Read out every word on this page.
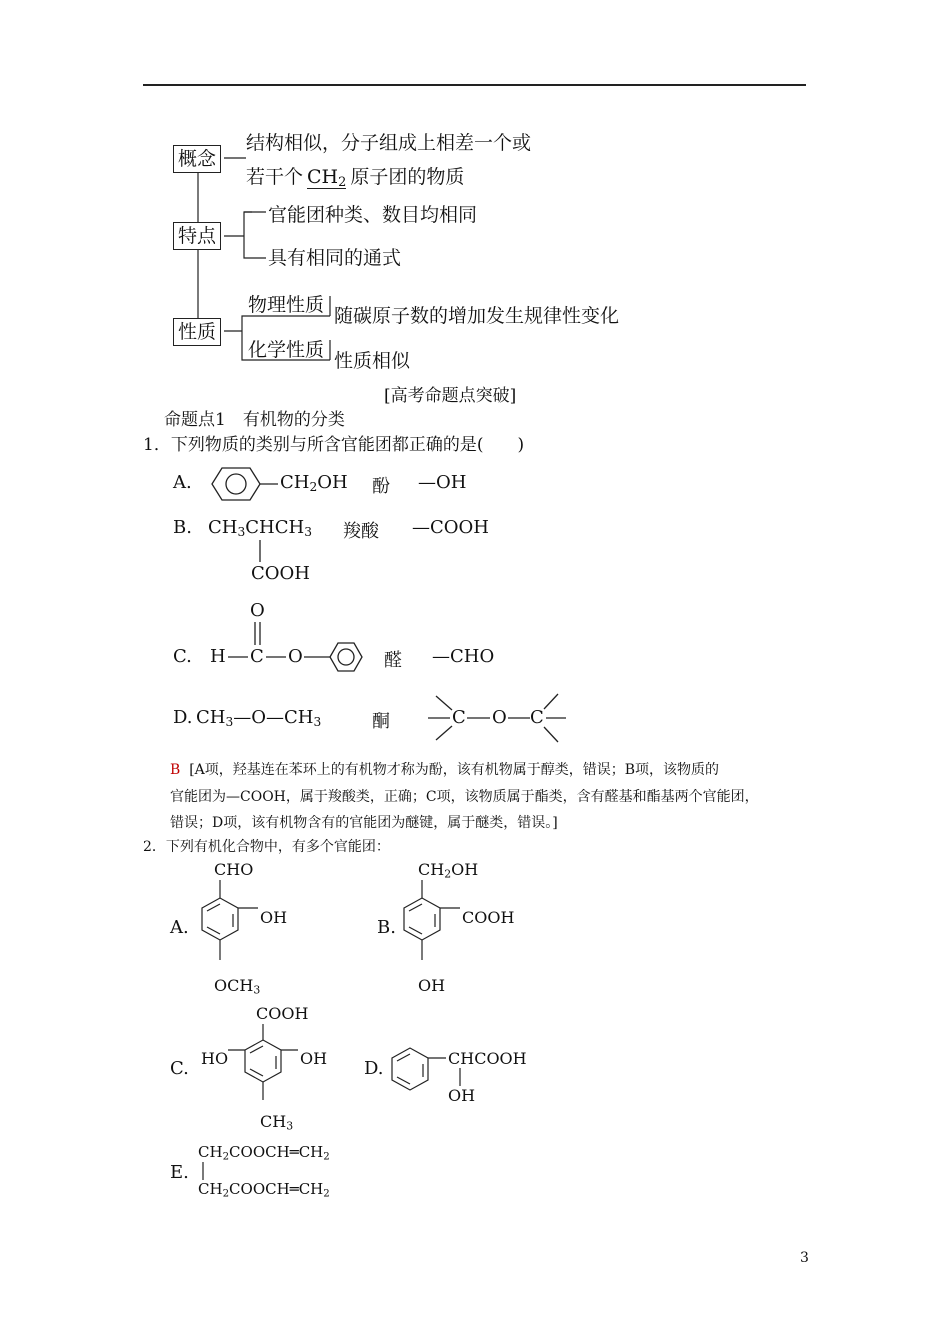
概念
特点
性质
结构相似，分子组成上相差一个或
若干个 $CH_2$ 原子团的物质
官能团种类、数目均相同
具有相同的通式
物理性质 随碳原子数的增加发生规律性变化
化学性质 性质相似
[高考命题点突破]
命题点1　有机物的分类
1．下列物质的类别与所含官能团都正确的是(　　)
A.	$CH_2OH$ 酚 —OH
B. $CH_3CHCH_3$
COOH
羧酸 —COOH
C. H C
O
O	醛 —CHO
D. $CH_3—O—CH_3$	酮	C O C
B [A项，羟基连在苯环上的有机物才称为酚，该有机物属于醇类，错误；B项，该物质的
官能团为—COOH，属于羧酸类，正确；C项，该物质属于酯类，含有醛基和酯基两个官能团，
错误；D项，该有机物含有的官能团为醚键，属于醚类，错误。]
2．下列有机化合物中，有多个官能团：
A.
CHO
OH
$OCH_3$
B.
$CH_2OH$
COOH
OH
C.
COOH
HO	OH
$CH_3$
D.	CHCOOH
OH
E.
$CH_2COOCH═CH_2$
$CH_2COOCH═CH_2$
3
